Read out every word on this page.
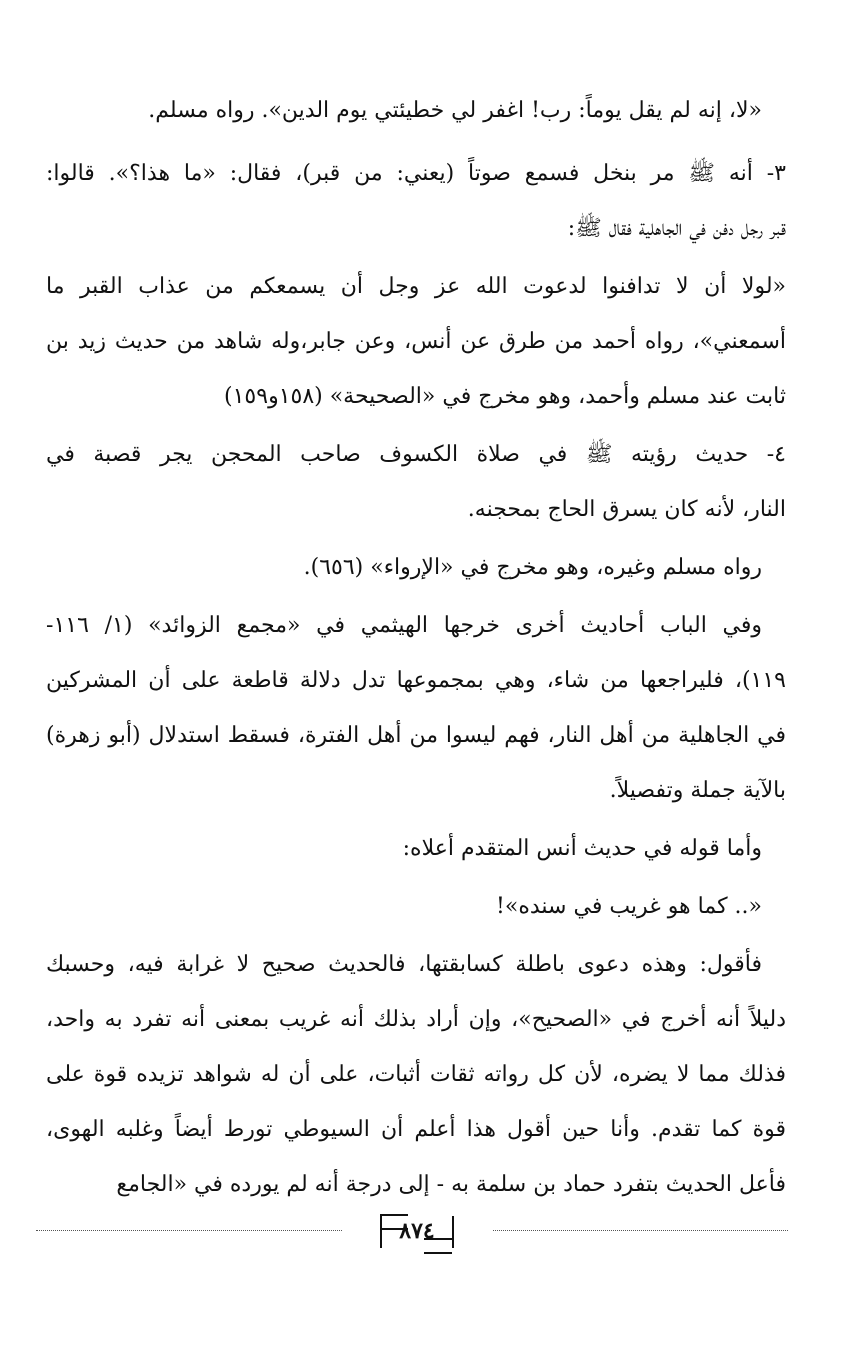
«لا، إنه لم يقل يوماً: رب! اغفر لي خطيئتي يوم الدين». رواه مسلم.
٣- أنه ﷺ مر بنخل فسمع صوتاً (يعني: من قبر)، فقال: «ما هذا؟». قالوا:
قبر رجل دفن في الجاهلية فقال ﷺ:
«لولا أن لا تدافنوا لدعوت الله عز وجل أن يسمعكم من عذاب القبر ما
أسمعني»، رواه أحمد من طرق عن أنس، وعن جابر،وله شاهد من حديث زيد بن
ثابت عند مسلم وأحمد، وهو مخرج في «الصحيحة» (١٥٨و١٥٩)
٤- حديث رؤيته ﷺ في صلاة الكسوف صاحب المحجن يجر قصبة في
النار، لأنه كان يسرق الحاج بمحجنه.
رواه مسلم وغيره، وهو مخرج في «الإرواء» (٦٥٦).
وفي الباب أحاديث أخرى خرجها الهيثمي في «مجمع الزوائد» (١/ ١١٦-
١١٩)، فليراجعها من شاء، وهي بمجموعها تدل دلالة قاطعة على أن المشركين
في الجاهلية من أهل النار، فهم ليسوا من أهل الفترة، فسقط استدلال (أبو زهرة)
بالآية جملة وتفصيلاً.
وأما قوله في حديث أنس المتقدم أعلاه:
«.. كما هو غريب في سنده»!
فأقول: وهذه دعوى باطلة كسابقتها، فالحديث صحيح لا غرابة فيه، وحسبك
دليلاً أنه أخرج في «الصحيح»، وإن أراد بذلك أنه غريب بمعنى أنه تفرد به واحد،
فذلك مما لا يضره، لأن كل رواته ثقات أثبات، على أن له شواهد تزيده قوة على
قوة كما تقدم. وأنا حين أقول هذا أعلم أن السيوطي تورط أيضاً وغلبه الهوى،
فأعل الحديث بتفرد حماد بن سلمة به - إلى درجة أنه لم يورده في «الجامع
٨٧٤
